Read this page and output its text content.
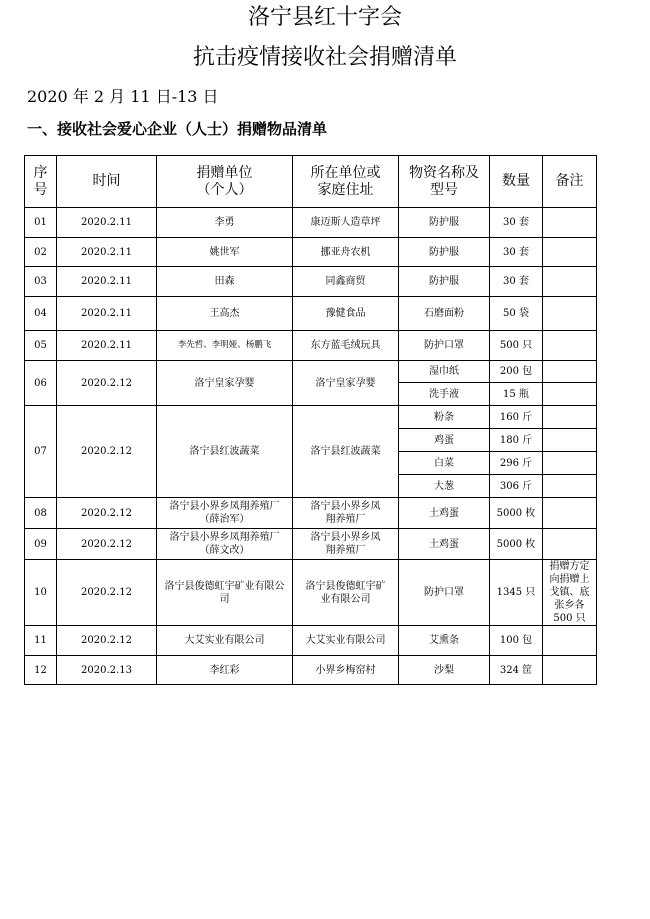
洛宁县红十字会
抗击疫情接收社会捐赠清单
2020 年 2 月 11 日-13 日
一、接收社会爱心企业（人士）捐赠物品清单
序号	时间	捐赠单位（个人）	所在单位或家庭住址	物资名称及型号	数量	备注
01	2020.2.11	李勇	康迈斯人造草坪	防护服	30 套	
02	2020.2.11	姚世军	挪亚舟农机	防护服	30 套	
03	2020.2.11	田森	同鑫商贸	防护服	30 套	
04	2020.2.11	王高杰	豫健食品	石磨面粉	50 袋	
05	2020.2.11	李先哲、李明娅、杨鹏飞	东方蓝毛绒玩具	防护口罩	500 只	
06	2020.2.12	洛宁皇家孕婴	洛宁皇家孕婴	湿巾纸	200 包	
				洗手液	15 瓶	
07	2020.2.12	洛宁县红波蔬菜	洛宁县红波蔬菜	粉条	160 斤	
				鸡蛋	180 斤	
				白菜	296 斤	
				大葱	306 斤	
08	2020.2.12	洛宁县小界乡凤翔养殖厂（薛治军）	洛宁县小界乡凤翔养殖厂	土鸡蛋	5000 枚	
09	2020.2.12	洛宁县小界乡凤翔养殖厂（薛文改）	洛宁县小界乡凤翔养殖厂	土鸡蛋	5000 枚	
10	2020.2.12	洛宁县俊德虹宇矿业有限公司	洛宁县俊德虹宇矿业有限公司	防护口罩	1345 只	捐赠方定向捐赠上戈镇、底张乡各 500 只
11	2020.2.12	大艾实业有限公司	大艾实业有限公司	艾熏条	100 包	
12	2020.2.13	李红彩	小界乡梅窑村	沙梨	324 筐	
